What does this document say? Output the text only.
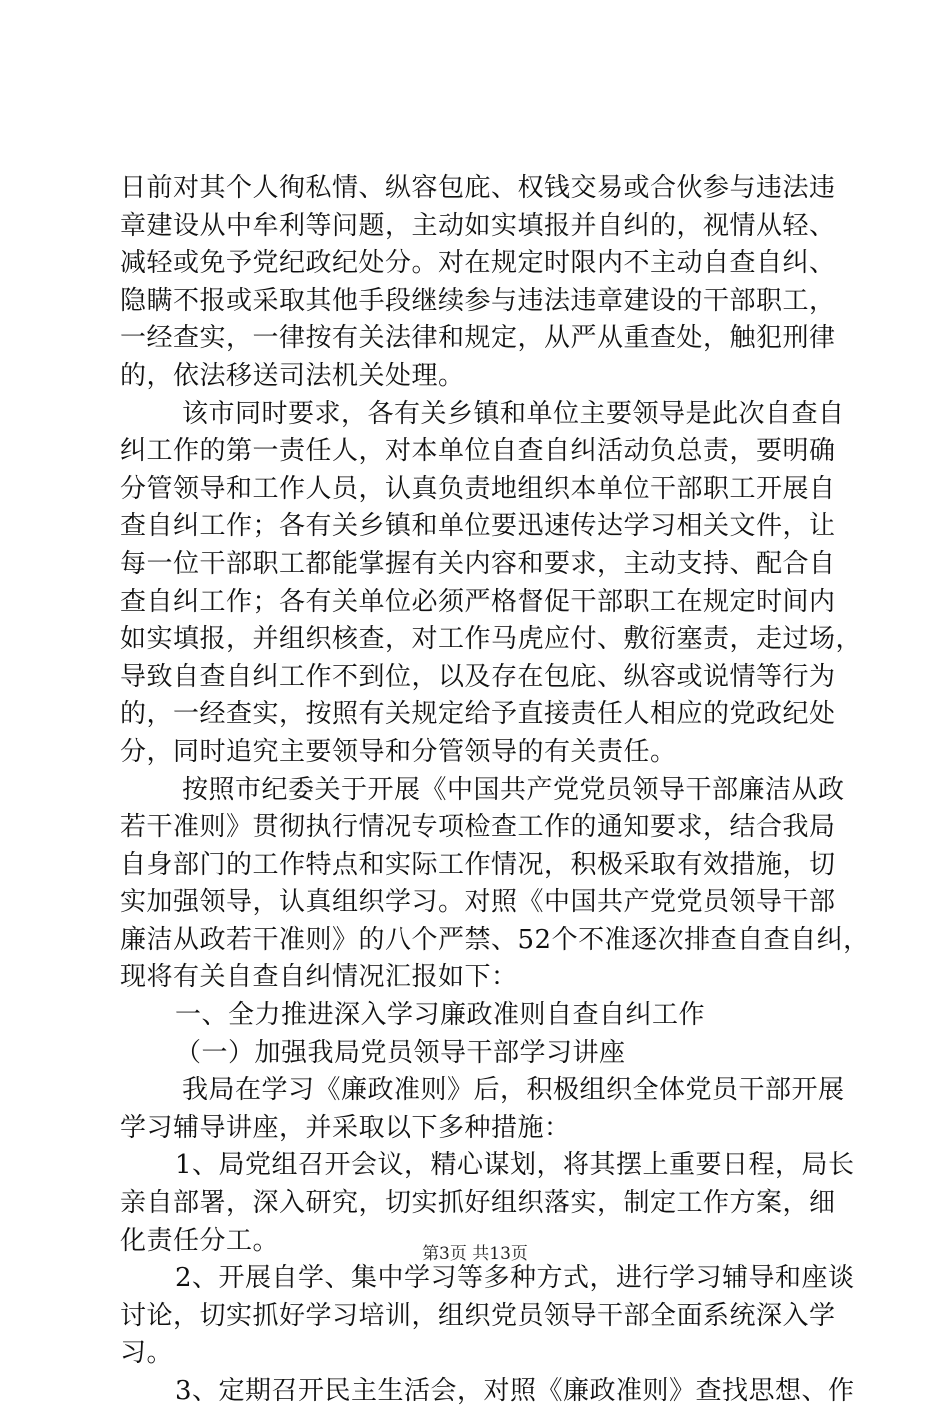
日前对其个人徇私情、纵容包庇、权钱交易或合伙参与违法违
章建设从中牟利等问题，主动如实填报并自纠的，视情从轻、
减轻或免予党纪政纪处分。对在规定时限内不主动自查自纠、
隐瞒不报或采取其他手段继续参与违法违章建设的干部职工，
一经查实，一律按有关法律和规定，从严从重查处，触犯刑律
的，依法移送司法机关处理。
该市同时要求，各有关乡镇和单位主要领导是此次自查自
纠工作的第一责任人，对本单位自查自纠活动负总责，要明确
分管领导和工作人员，认真负责地组织本单位干部职工开展自
查自纠工作；各有关乡镇和单位要迅速传达学习相关文件，让
每一位干部职工都能掌握有关内容和要求，主动支持、配合自
查自纠工作；各有关单位必须严格督促干部职工在规定时间内
如实填报，并组织核查，对工作马虎应付、敷衍塞责，走过场，
导致自查自纠工作不到位，以及存在包庇、纵容或说情等行为
的，一经查实，按照有关规定给予直接责任人相应的党政纪处
分，同时追究主要领导和分管领导的有关责任。
按照市纪委关于开展《中国共产党党员领导干部廉洁从政
若干准则》贯彻执行情况专项检查工作的通知要求，结合我局
自身部门的工作特点和实际工作情况，积极采取有效措施，切
实加强领导，认真组织学习。对照《中国共产党党员领导干部
廉洁从政若干准则》的八个严禁、52个不准逐次排查自查自纠，
现将有关自查自纠情况汇报如下：
一、全力推进深入学习廉政准则自查自纠工作
（一）加强我局党员领导干部学习讲座
我局在学习《廉政准则》后，积极组织全体党员干部开展
学习辅导讲座，并采取以下多种措施：
1、局党组召开会议，精心谋划，将其摆上重要日程，局长
亲自部署，深入研究，切实抓好组织落实，制定工作方案，细
化责任分工。
2、开展自学、集中学习等多种方式，进行学习辅导和座谈
讨论，切实抓好学习培训，组织党员领导干部全面系统深入学
习。
3、定期召开民主生活会，对照《廉政准则》查找思想、作
第3页 共13页
